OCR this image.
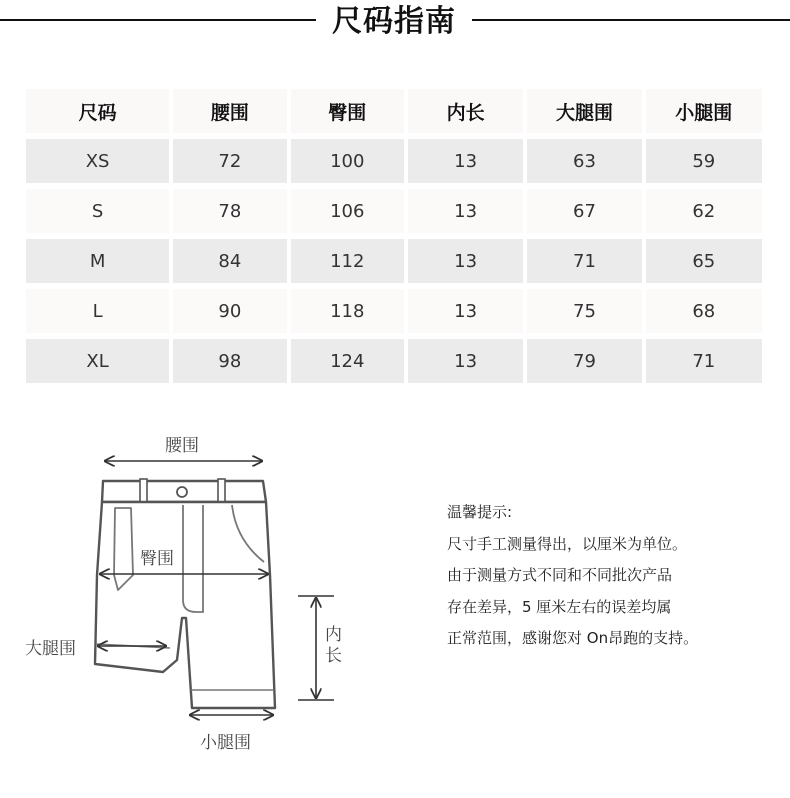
尺码指南
尺码	腰围	臀围	内长	大腿围	小腿围
XS	72	100	13	63	59
S	78	106	13	67	62
M	84	112	13	71	65
L	90	118	13	75	68
XL	98	124	13	79	71
腰围
臀围
大腿围
小腿围
内长
温馨提示:
尺寸手工测量得出，以厘米为单位。
由于测量方式不同和不同批次产品
存在差异，5 厘米左右的误差均属
正常范围，感谢您对 On昂跑的支持。
